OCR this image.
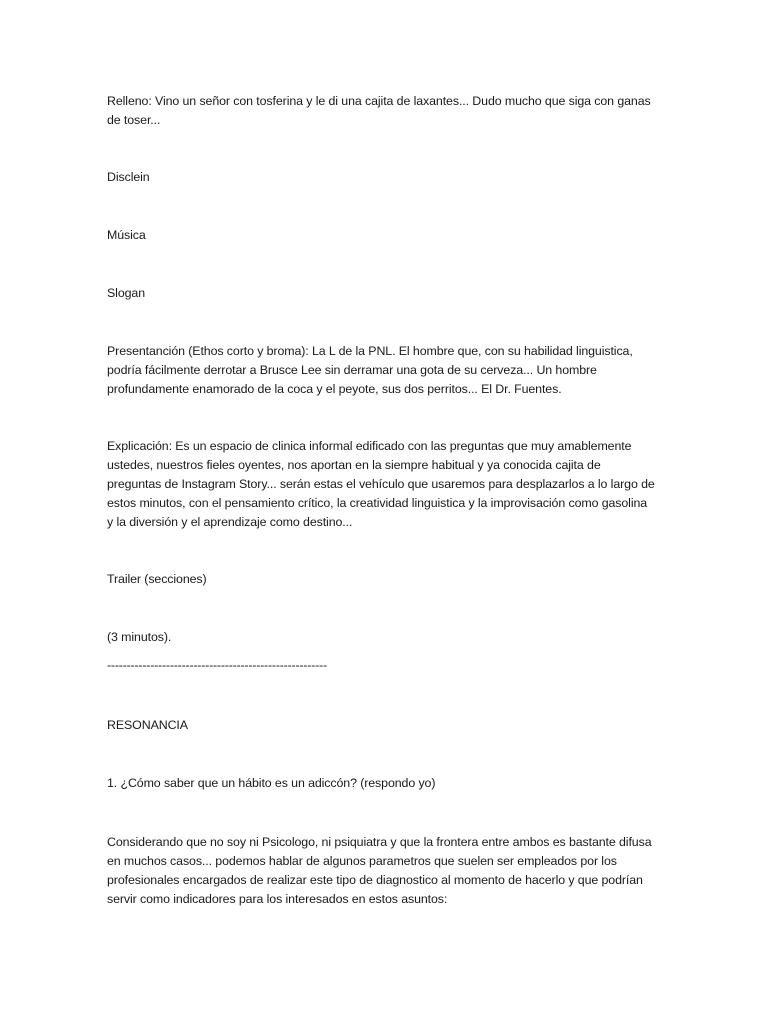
Relleno: Vino un señor con tosferina y le di una cajita de laxantes... Dudo mucho que siga con ganas de toser...

Disclein

Música

Slogan

Presentanción (Ethos corto y broma): La L de la PNL. El hombre que, con su habilidad linguistica, podría fácilmente derrotar a Brusce Lee sin derramar una gota de su cerveza... Un hombre profundamente enamorado de la coca y el peyote, sus dos perritos... El Dr. Fuentes.

Explicación: Es un espacio de clinica informal edificado con las preguntas que muy amablemente ustedes, nuestros fieles oyentes, nos aportan en la siempre habitual y ya conocida cajita de preguntas de Instagram Story... serán estas el vehículo que usaremos para desplazarlos a lo largo de estos minutos, con el pensamiento crítico, la creatividad linguistica y la improvisación como gasolina y la diversión y el aprendizaje como destino...

Trailer (secciones)

(3 minutos).

--------------------------------------------------------

RESONANCIA

1. ¿Cómo saber que un hábito es un adiccón? (respondo yo)

Considerando que no soy ni Psicologo, ni psiquiatra y que la frontera entre ambos es bastante difusa en muchos casos... podemos hablar de algunos parametros que suelen ser empleados por los profesionales encargados de realizar este tipo de diagnostico al momento de hacerlo y que podrían servir como indicadores para los interesados en estos asuntos:
